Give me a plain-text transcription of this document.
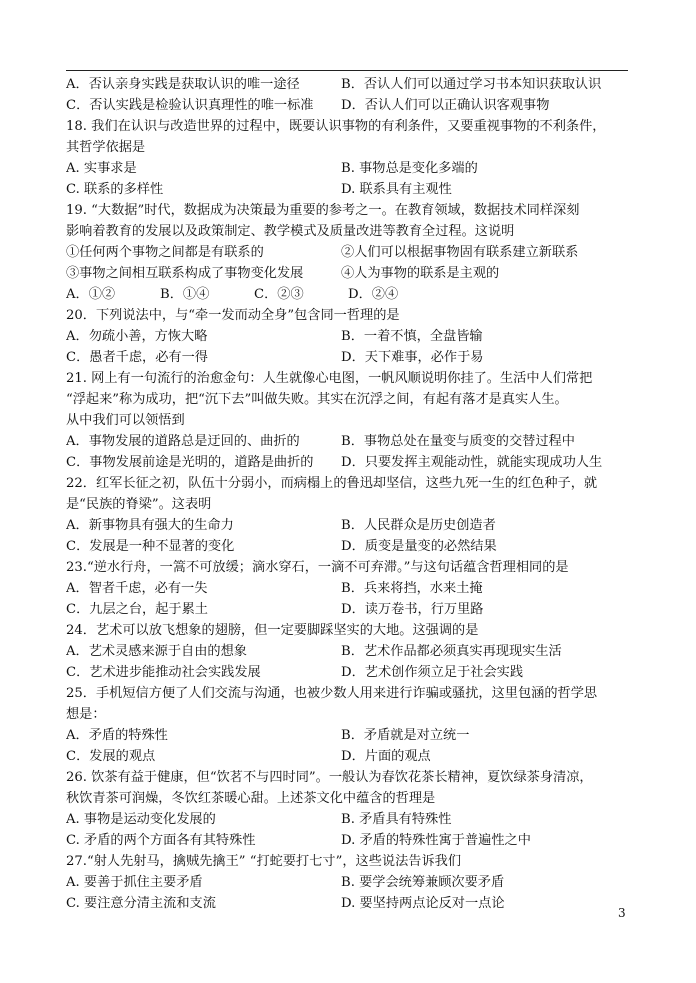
A．否认亲身实践是获取认识的唯一途径	B．否认人们可以通过学习书本知识获取认识
C．否认实践是检验认识真理性的唯一标准	D．否认人们可以正确认识客观事物
18. 我们在认识与改造世界的过程中，既要认识事物的有利条件，又要重视事物的不利条件，
其哲学依据是
A. 实事求是	B. 事物总是变化多端的
C. 联系的多样性	D. 联系具有主观性
19. “大数据”时代，数据成为决策最为重要的参考之一。在教育领域，数据技术同样深刻
影响着教育的发展以及政策制定、教学模式及质量改进等教育全过程。这说明
①任何两个事物之间都是有联系的	②人们可以根据事物固有联系建立新联系
③事物之间相互联系构成了事物变化发展	④人为事物的联系是主观的
A．①②	B．①④	C．②③	D．②④
20．下列说法中，与“牵一发而动全身”包含同一哲理的是
A．勿疏小善，方恢大略	B．一着不慎，全盘皆输
C．愚者千虑，必有一得	D．天下难事，必作于易
21. 网上有一句流行的治愈金句：人生就像心电图，一帆风顺说明你挂了。生活中人们常把
“浮起来”称为成功，把“沉下去”叫做失败。其实在沉浮之间，有起有落才是真实人生。
从中我们可以领悟到
A．事物发展的道路总是迂回的、曲折的	B．事物总处在量变与质变的交替过程中
C．事物发展前途是光明的，道路是曲折的	D．只要发挥主观能动性，就能实现成功人生
22．红军长征之初，队伍十分弱小，而病榻上的鲁迅却坚信，这些九死一生的红色种子，就
是“民族的脊梁”。这表明
A．新事物具有强大的生命力	B．人民群众是历史创造者
C．发展是一种不显著的变化	D．质变是量变的必然结果
23.“逆水行舟，一篙不可放缓；滴水穿石，一滴不可弃滞。”与这句话蕴含哲理相同的是
A．智者千虑，必有一失	B．兵来将挡，水来土掩
C．九层之台，起于累土	D．读万卷书，行万里路
24．艺术可以放飞想象的翅膀，但一定要脚踩坚实的大地。这强调的是
A．艺术灵感来源于自由的想象	B．艺术作品都必须真实再现现实生活
C．艺术进步能推动社会实践发展	D．艺术创作须立足于社会实践
25．手机短信方便了人们交流与沟通，也被少数人用来进行诈骗或骚扰，这里包涵的哲学思
想是：
A．矛盾的特殊性	B．矛盾就是对立统一
C．发展的观点	D．片面的观点
26. 饮茶有益于健康，但“饮茗不与四时同”。一般认为春饮花茶长精神，夏饮绿茶身清凉，
秋饮青茶可润燥，冬饮红茶暖心甜。上述茶文化中蕴含的哲理是
A. 事物是运动变化发展的	B. 矛盾具有特殊性
C. 矛盾的两个方面各有其特殊性	D. 矛盾的特殊性寓于普遍性之中
27.“射人先射马，擒贼先擒王” “打蛇要打七寸”，这些说法告诉我们
A. 要善于抓住主要矛盾	B. 要学会统筹兼顾次要矛盾
C. 要注意分清主流和支流	D. 要坚持两点论反对一点论
3
